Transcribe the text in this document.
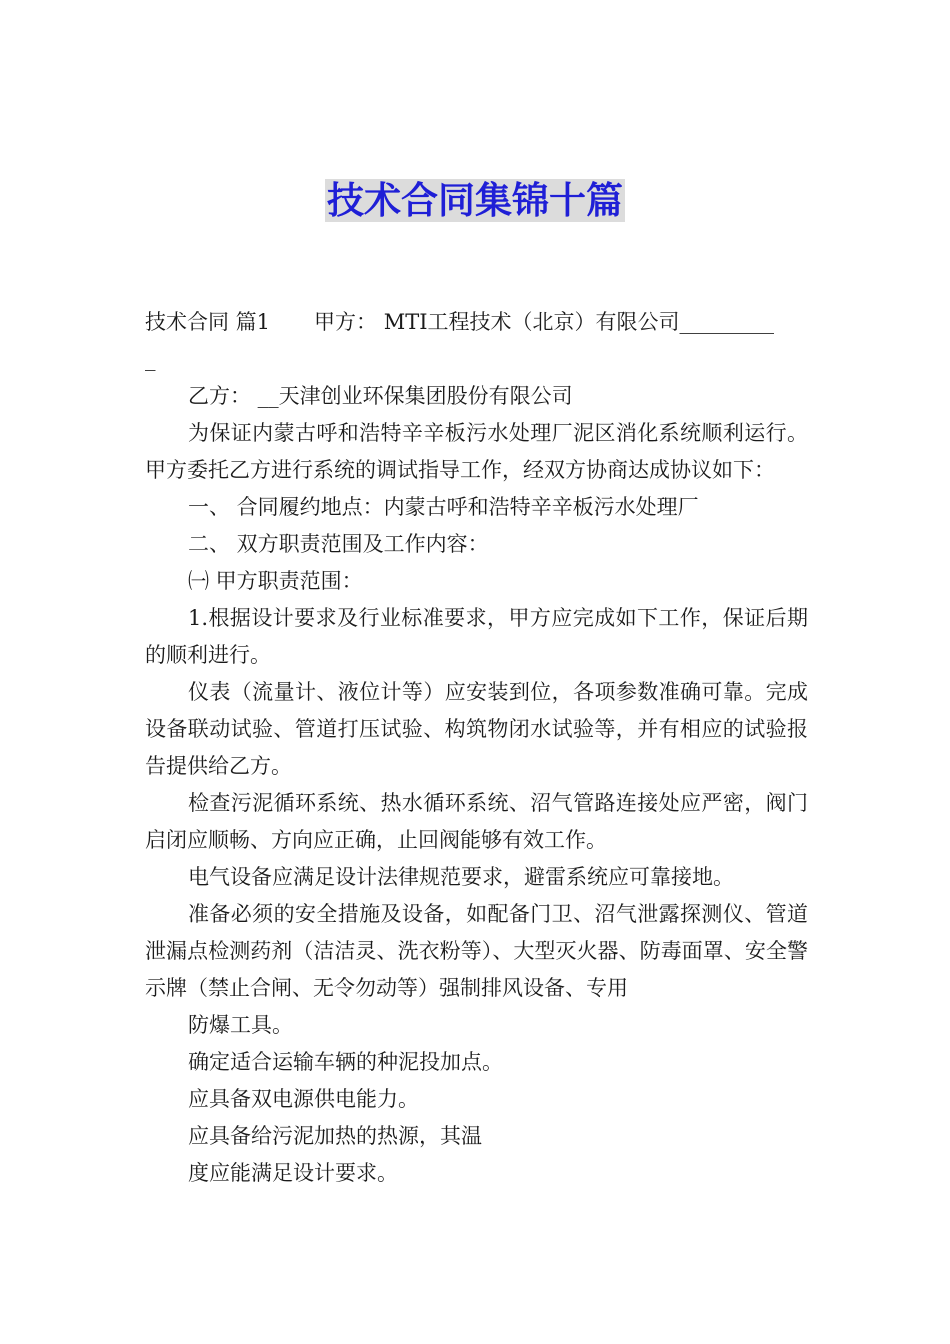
技术合同集锦十篇

技术合同 篇1 甲方： MTI工程技术（北京）有限公司_________

_

乙方： __天津创业环保集团股份有限公司

为保证内蒙古呼和浩特辛辛板污水处理厂泥区消化系统顺利运行。甲方委托乙方进行系统的调试指导工作，经双方协商达成协议如下：

一、 合同履约地点：内蒙古呼和浩特辛辛板污水处理厂

二、 双方职责范围及工作内容：

㈠ 甲方职责范围：

1.根据设计要求及行业标准要求，甲方应完成如下工作，保证后期的顺利进行。

仪表（流量计、液位计等）应安装到位，各项参数准确可靠。完成设备联动试验、管道打压试验、构筑物闭水试验等，并有相应的试验报告提供给乙方。

检查污泥循环系统、热水循环系统、沼气管路连接处应严密，阀门启闭应顺畅、方向应正确，止回阀能够有效工作。

电气设备应满足设计法律规范要求，避雷系统应可靠接地。

准备必须的安全措施及设备，如配备门卫、沼气泄露探测仪、管道泄漏点检测药剂（洁洁灵、洗衣粉等）、大型灭火器、防毒面罩、安全警示牌（禁止合闸、无令勿动等）强制排风设备、专用

防爆工具。

确定适合运输车辆的种泥投加点。

应具备双电源供电能力。

应具备给污泥加热的热源，其温

度应能满足设计要求。
